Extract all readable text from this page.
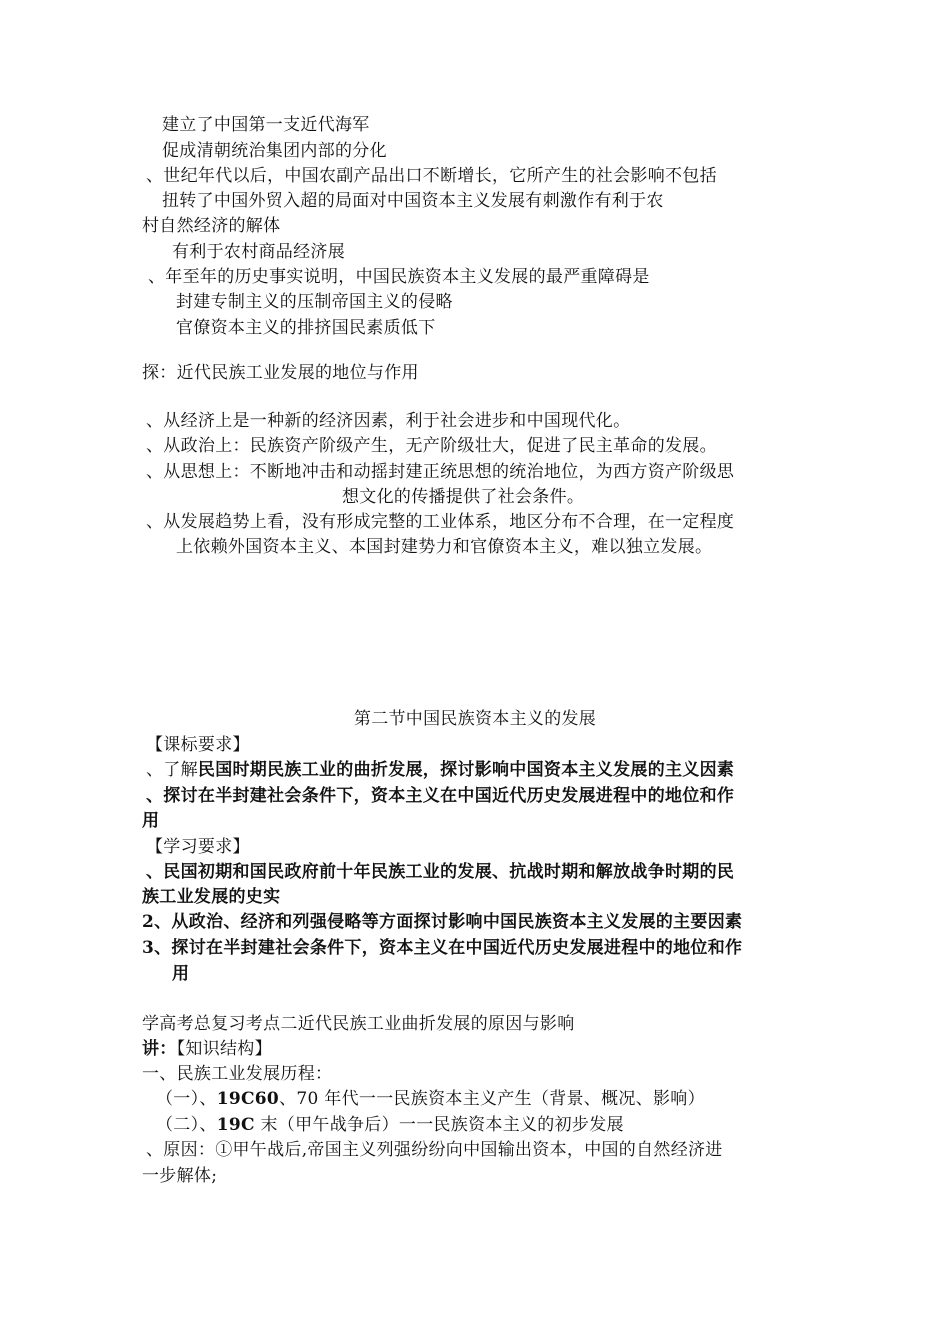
建立了中国第一支近代海军
促成清朝统治集团内部的分化
、世纪年代以后，中国农副产品出口不断增长，它所产生的社会影响不包括
扭转了中国外贸入超的局面对中国资本主义发展有刺激作有利于农
村自然经济的解体
有利于农村商品经济展
、年至年的历史事实说明，中国民族资本主义发展的最严重障碍是
封建专制主义的压制帝国主义的侵略
官僚资本主义的排挤国民素质低下
探：近代民族工业发展的地位与作用
、从经济上是一种新的经济因素，利于社会进步和中国现代化。
、从政治上：民族资产阶级产生，无产阶级壮大，促进了民主革命的发展。
、从思想上：不断地冲击和动摇封建正统思想的统治地位，为西方资产阶级思
想文化的传播提供了社会条件。
、从发展趋势上看，没有形成完整的工业体系，地区分布不合理，在一定程度
上依赖外国资本主义、本国封建势力和官僚资本主义，难以独立发展。
第二节中国民族资本主义的发展
【课标要求】
、了解民国时期民族工业的曲折发展，探讨影响中国资本主义发展的主义因素
、探讨在半封建社会条件下，资本主义在中国近代历史发展进程中的地位和作
用
【学习要求】
、民国初期和国民政府前十年民族工业的发展、抗战时期和解放战争时期的民
族工业发展的史实
2、从政治、经济和列强侵略等方面探讨影响中国民族资本主义发展的主要因素
3、探讨在半封建社会条件下，资本主义在中国近代历史发展进程中的地位和作
用
学高考总复习考点二近代民族工业曲折发展的原因与影响
讲：【知识结构】
一、民族工业发展历程：
（一）、19C60、70 年代一一民族资本主义产生（背景、概况、影响）
（二）、19C 末（甲午战争后）一一民族资本主义的初步发展
、原因：①甲午战后,帝国主义列强纷纷向中国输出资本，中国的自然经济进
一步解体;
